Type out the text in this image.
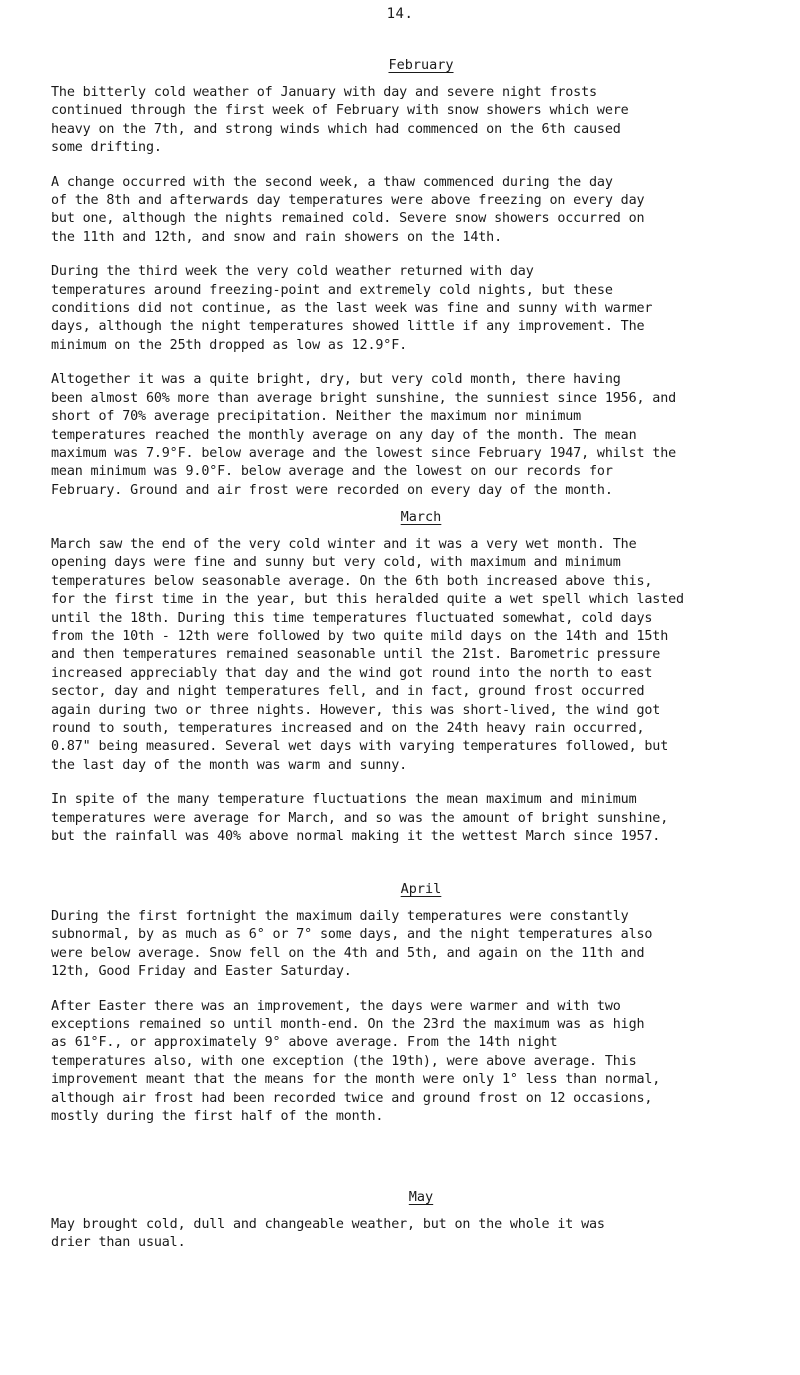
14.
February

The bitterly cold weather of January with day and severe night frosts
continued through the first week of February with snow showers which were
heavy on the 7th, and strong winds which had commenced on the 6th caused
some drifting.

A change occurred with the second week, a thaw commenced during the day
of the 8th and afterwards day temperatures were above freezing on every day
but one, although the nights remained cold. Severe snow showers occurred on
the 11th and 12th, and snow and rain showers on the 14th.

During the third week the very cold weather returned with day
temperatures around freezing-point and extremely cold nights, but these
conditions did not continue, as the last week was fine and sunny with warmer
days, although the night temperatures showed little if any improvement. The
minimum on the 25th dropped as low as 12.9°F.

Altogether it was a quite bright, dry, but very cold month, there having
been almost 60% more than average bright sunshine, the sunniest since 1956, and
short of 70% average precipitation. Neither the maximum nor minimum
temperatures reached the monthly average on any day of the month. The mean
maximum was 7.9°F. below average and the lowest since February 1947, whilst the
mean minimum was 9.0°F. below average and the lowest on our records for
February. Ground and air frost were recorded on every day of the month.

March

March saw the end of the very cold winter and it was a very wet month. The
opening days were fine and sunny but very cold, with maximum and minimum
temperatures below seasonable average. On the 6th both increased above this,
for the first time in the year, but this heralded quite a wet spell which lasted
until the 18th. During this time temperatures fluctuated somewhat, cold days
from the 10th - 12th were followed by two quite mild days on the 14th and 15th
and then temperatures remained seasonable until the 21st. Barometric pressure
increased appreciably that day and the wind got round into the north to east
sector, day and night temperatures fell, and in fact, ground frost occurred
again during two or three nights. However, this was short-lived, the wind got
round to south, temperatures increased and on the 24th heavy rain occurred,
0.87" being measured. Several wet days with varying temperatures followed, but
the last day of the month was warm and sunny.

In spite of the many temperature fluctuations the mean maximum and minimum
temperatures were average for March, and so was the amount of bright sunshine,
but the rainfall was 40% above normal making it the wettest March since 1957.

April

During the first fortnight the maximum daily temperatures were constantly
subnormal, by as much as 6° or 7° some days, and the night temperatures also
were below average. Snow fell on the 4th and 5th, and again on the 11th and
12th, Good Friday and Easter Saturday.

After Easter there was an improvement, the days were warmer and with two
exceptions remained so until month-end. On the 23rd the maximum was as high
as 61°F., or approximately 9° above average. From the 14th night
temperatures also, with one exception (the 19th), were above average. This
improvement meant that the means for the month were only 1° less than normal,
although air frost had been recorded twice and ground frost on 12 occasions,
mostly during the first half of the month.

May

May brought cold, dull and changeable weather, but on the whole it was
drier than usual.
